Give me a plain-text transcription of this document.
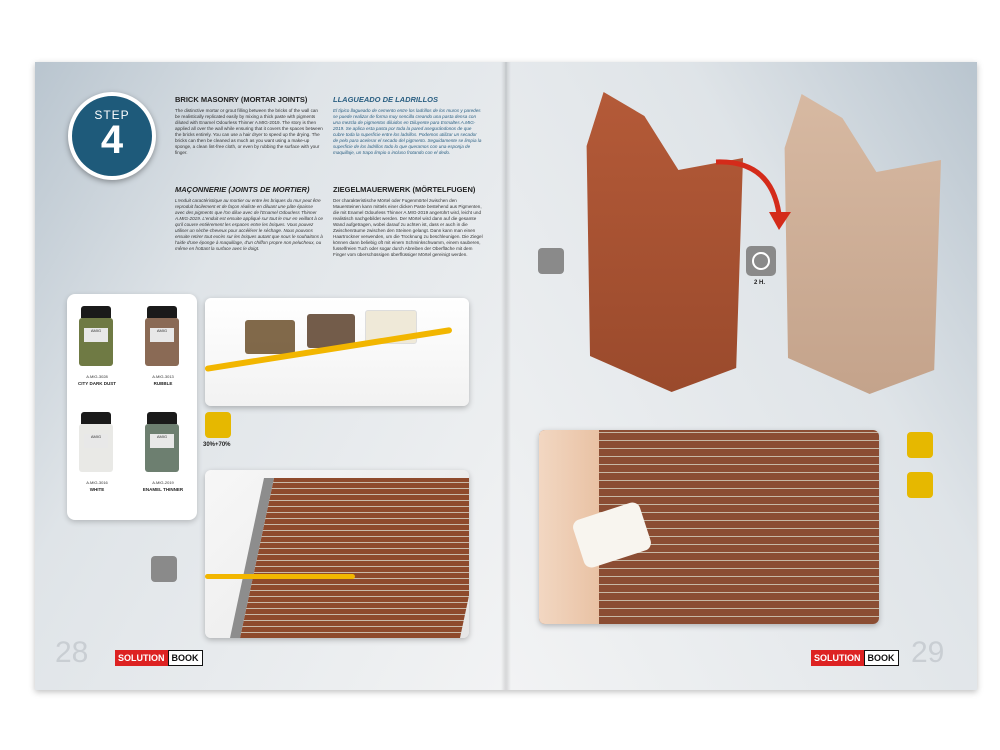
STEP
4
BRICK MASONRY (MORTAR JOINTS)
The distinctive mortar or grout filling between the bricks of the wall can be realistically replicated easily by mixing a thick paste with pigments diluted with Enamel Odourless Thinner A.MIG-2019. The story is then applied all over the wall while ensuring that it covers the spaces between the bricks entirely. You can use a hair dryer to speed up the drying. The bricks can then be cleaned as much as you want using a make-up sponge, a clean lint-free cloth, or even by rubbing the surface with your finger.
LLAGUEADO DE LADRILLOS
El típico llagueado de cemento entre los ladrillos de los muros y paredes se puede realizar de forma muy sencilla creando una pasta densa con una mezcla de pigmentos diluidos en Diluyente para Esmaltes A.MIG-2019. Se aplica esta pasta por toda la pared asegurándonos de que cubre toda la superficie entre los ladrillos. Podemos utilizar un secador de pelo para acelerar el secado del pigmento. Seguidamente se limpia la superficie de los ladrillos todo lo que queramos con una esponja de maquillaje, un trapo limpio o incluso frotando con el dedo.
MAÇONNERIE (JOINTS DE MORTIER)
L'enduit caractéristique au mortier ou entre les briques du mur peut être reproduit facilement et de façon réaliste en diluant une pâte épaisse avec des pigments que l'on dilue avec de l'Enamel Odourless Thinner A.MIG-2019. L'enduit est ensuite appliqué sur tout le mur en veillant à ce qu'il couvre entièrement les espaces entre les briques. Vous pouvez utiliser un sèche-cheveux pour accélérer le séchage. Nous pouvons ensuite retirer tout excès sur les briques autant que nous le souhaitons à l'aide d'une éponge à maquillage, d'un chiffon propre non pelucheux, ou même en frottant la surface avec le doigt.
ZIEGELMAUERWERK (MÖRTELFUGEN)
Der charakteristische Mörtel oder Fugenmörtel zwischen den Mauersteinen kann mittels einer dicken Paste bestehend aus Pigmenten, die mit Enamel Odourless Thinner A.MIG-2019 angerührt wird, leicht und realistisch nachgebildet werden. Der Mörtel wird dann auf die gesamte Wand aufgetragen, wobei darauf zu achten ist, dass er auch in die Zwischenräume zwischen den Steinen gelangt. Dann kann man einen Haartrockner verwenden, um die Trocknung zu beschleunigen. Die Ziegel können dann beliebig oft mit einem Schminkschwamm, einem sauberen, fusselfreien Tuch oder sogar durch Abreiben der Oberfläche mit dem Finger vom überschüssigen überflüssiger Mörtel gereinigt werden.
AMIG
A.MIG-3028
CITY DARK DUST
AMIG
A.MIG-3013
RUBBLE
AMIG
A.MIG-3016
WHITE
AMIG
A.MIG-2019
ENAMEL THINNER
30%+70%
28	SOLUTION BOOK
2 H.
SOLUTION BOOK 29
